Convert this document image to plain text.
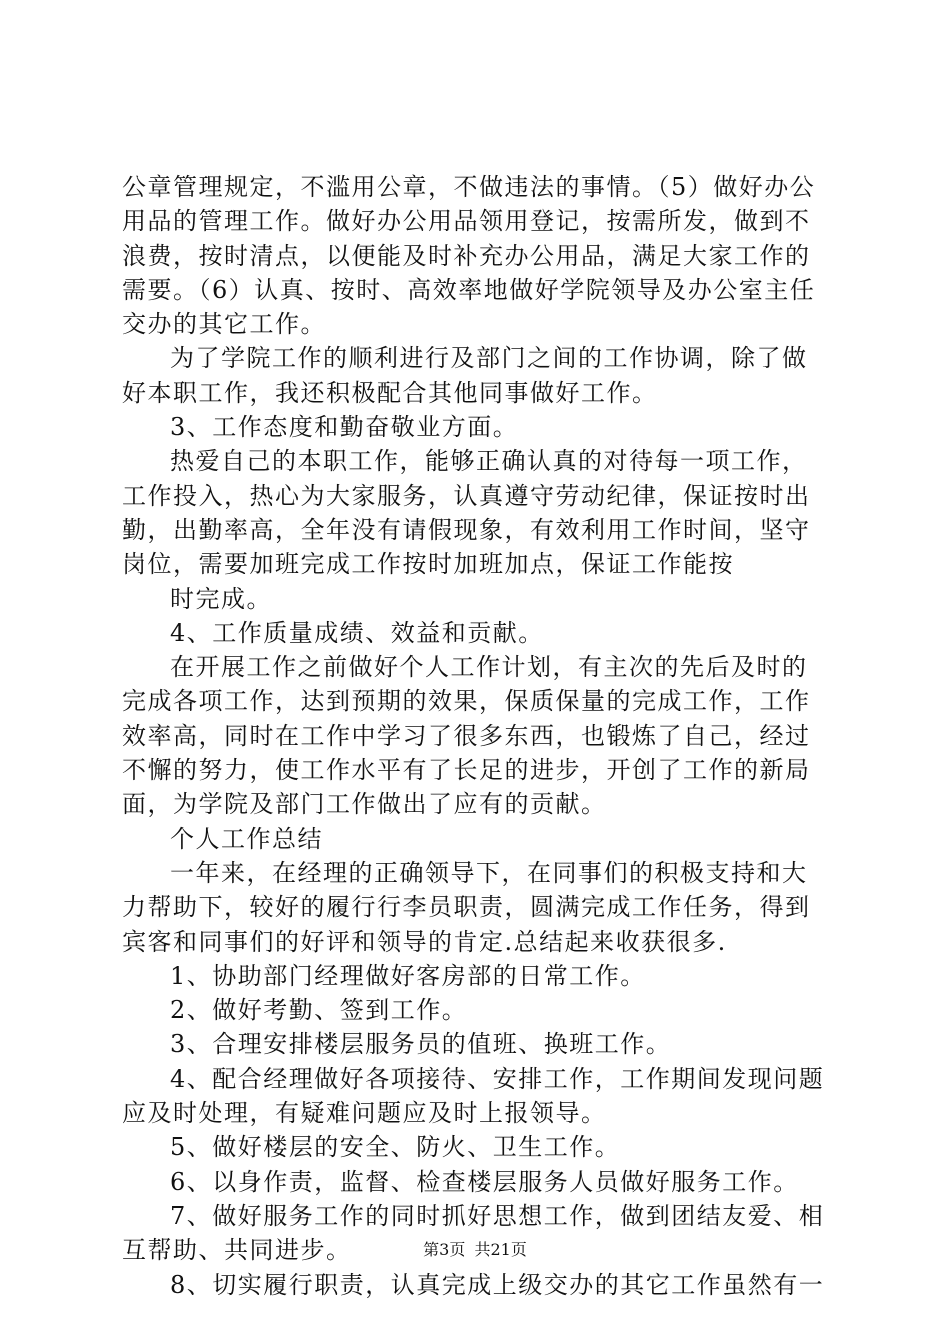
公章管理规定，不滥用公章，不做违法的事情。（5）做好办公
用品的管理工作。做好办公用品领用登记，按需所发，做到不
浪费，按时清点，以便能及时补充办公用品，满足大家工作的
需要。（6）认真、按时、高效率地做好学院领导及办公室主任
交办的其它工作。
为了学院工作的顺利进行及部门之间的工作协调，除了做
好本职工作，我还积极配合其他同事做好工作。
3、工作态度和勤奋敬业方面。
热爱自己的本职工作，能够正确认真的对待每一项工作，
工作投入，热心为大家服务，认真遵守劳动纪律，保证按时出
勤，出勤率高，全年没有请假现象，有效利用工作时间，坚守
岗位，需要加班完成工作按时加班加点，保证工作能按
时完成。
4、工作质量成绩、效益和贡献。
在开展工作之前做好个人工作计划，有主次的先后及时的
完成各项工作，达到预期的效果，保质保量的完成工作，工作
效率高，同时在工作中学习了很多东西，也锻炼了自己，经过
不懈的努力，使工作水平有了长足的进步，开创了工作的新局
面，为学院及部门工作做出了应有的贡献。
个人工作总结
一年来，在经理的正确领导下，在同事们的积极支持和大
力帮助下，较好的履行行李员职责，圆满完成工作任务，得到
宾客和同事们的好评和领导的肯定.总结起来收获很多.
1、协助部门经理做好客房部的日常工作。
2、做好考勤、签到工作。
3、合理安排楼层服务员的值班、换班工作。
4、配合经理做好各项接待、安排工作，工作期间发现问题
应及时处理，有疑难问题应及时上报领导。
5、做好楼层的安全、防火、卫生工作。
6、以身作责，监督、检查楼层服务人员做好服务工作。
7、做好服务工作的同时抓好思想工作，做到团结友爱、相
互帮助、共同进步。
8、切实履行职责，认真完成上级交办的其它工作虽然有一
第3页 共21页
